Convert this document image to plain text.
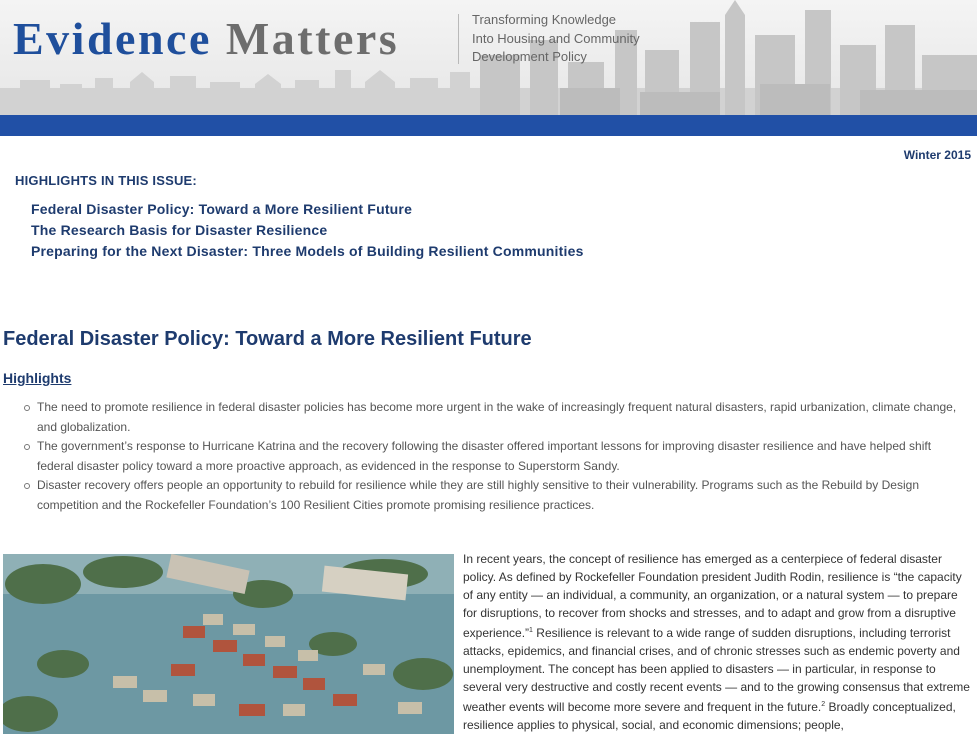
Evidence Matters	Transforming Knowledge
Into Housing and Community
Development Policy
Winter 2015
HIGHLIGHTS IN THIS ISSUE:
Federal Disaster Policy: Toward a More Resilient Future
The Research Basis for Disaster Resilience
Preparing for the Next Disaster: Three Models of Building Resilient Communities
Federal Disaster Policy: Toward a More Resilient Future
Highlights
The need to promote resilience in federal disaster policies has become more urgent in the wake of increasingly frequent natural disasters, rapid urbanization, climate change, and globalization.
The government’s response to Hurricane Katrina and the recovery following the disaster offered important lessons for improving disaster resilience and have helped shift federal disaster policy toward a more proactive approach, as evidenced in the response to Superstorm Sandy.
Disaster recovery offers people an opportunity to rebuild for resilience while they are still highly sensitive to their vulnerability. Programs such as the Rebuild by Design competition and the Rockefeller Foundation’s 100 Resilient Cities promote promising resilience practices.
In recent years, the concept of resilience has emerged as a centerpiece of federal disaster policy. As defined by Rockefeller Foundation president Judith Rodin, resilience is “the capacity of any entity — an individual, a community, an organization, or a natural system — to prepare for disruptions, to recover from shocks and stresses, and to adapt and grow from a disruptive experience.”$^1$ Resilience is relevant to a wide range of sudden disruptions, including terrorist attacks, epidemics, and financial crises, and of chronic stresses such as endemic poverty and unemployment. The concept has been applied to disasters — in particular, in response to several very destructive and costly recent events — and to the growing consensus that extreme weather events will become more severe and frequent in the future.$^2$ Broadly conceptualized, resilience applies to physical, social, and economic dimensions; people,
